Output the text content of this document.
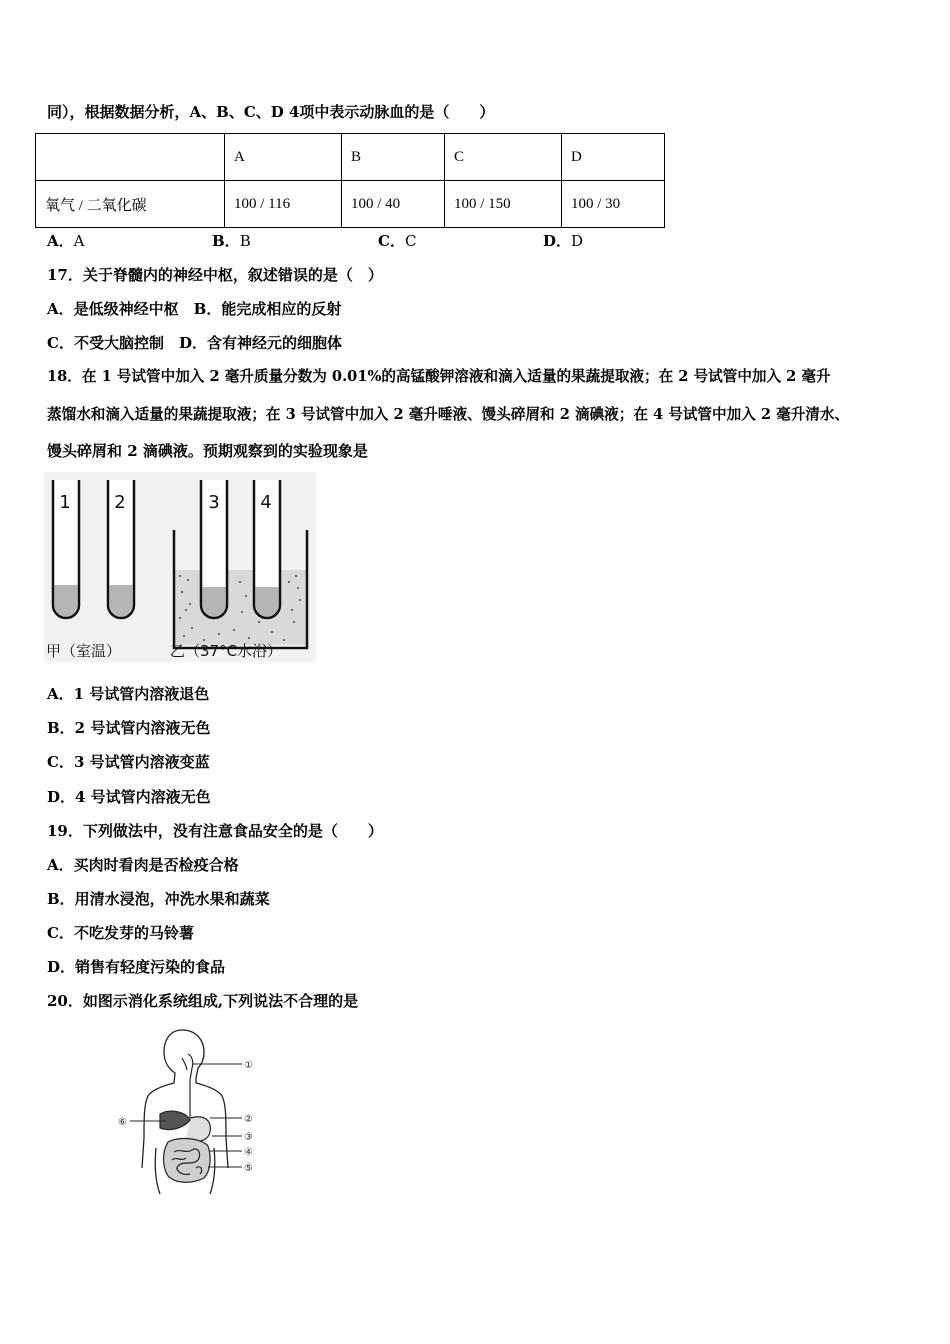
同），根据数据分析，A、B、C、D 4项中表示动脉血的是（　　）
	A	B	C	D
氧气 / 二氧化碳	100 / 116	100 / 40	100 / 150	100 / 30
A．A	B．B	C．C	D．D
17．关于脊髓内的神经中枢，叙述错误的是（　）
A．是低级神经中枢　B．能完成相应的反射
C．不受大脑控制　D．含有神经元的细胞体
18．在 1 号试管中加入 2 毫升质量分数为 0.01%的高锰酸钾溶液和滴入适量的果蔬提取液；在 2 号试管中加入 2 毫升
蒸馏水和滴入适量的果蔬提取液；在 3 号试管中加入 2 毫升唾液、馒头碎屑和 2 滴碘液；在 4 号试管中加入 2 毫升清水、
馒头碎屑和 2 滴碘液。预期观察到的实验现象是
1 2	3 4
甲（室温）	乙（37°C水浴）
A．1 号试管内溶液退色
B．2 号试管内溶液无色
C．3 号试管内溶液变蓝
D．4 号试管内溶液无色
19．下列做法中，没有注意食品安全的是（　　）
A．买肉时看肉是否检疫合格
B．用清水浸泡，冲洗水果和蔬菜
C．不吃发芽的马铃薯
D．销售有轻度污染的食品
20．如图示消化系统组成,下列说法不合理的是
①
②
③
④
⑤
⑥
